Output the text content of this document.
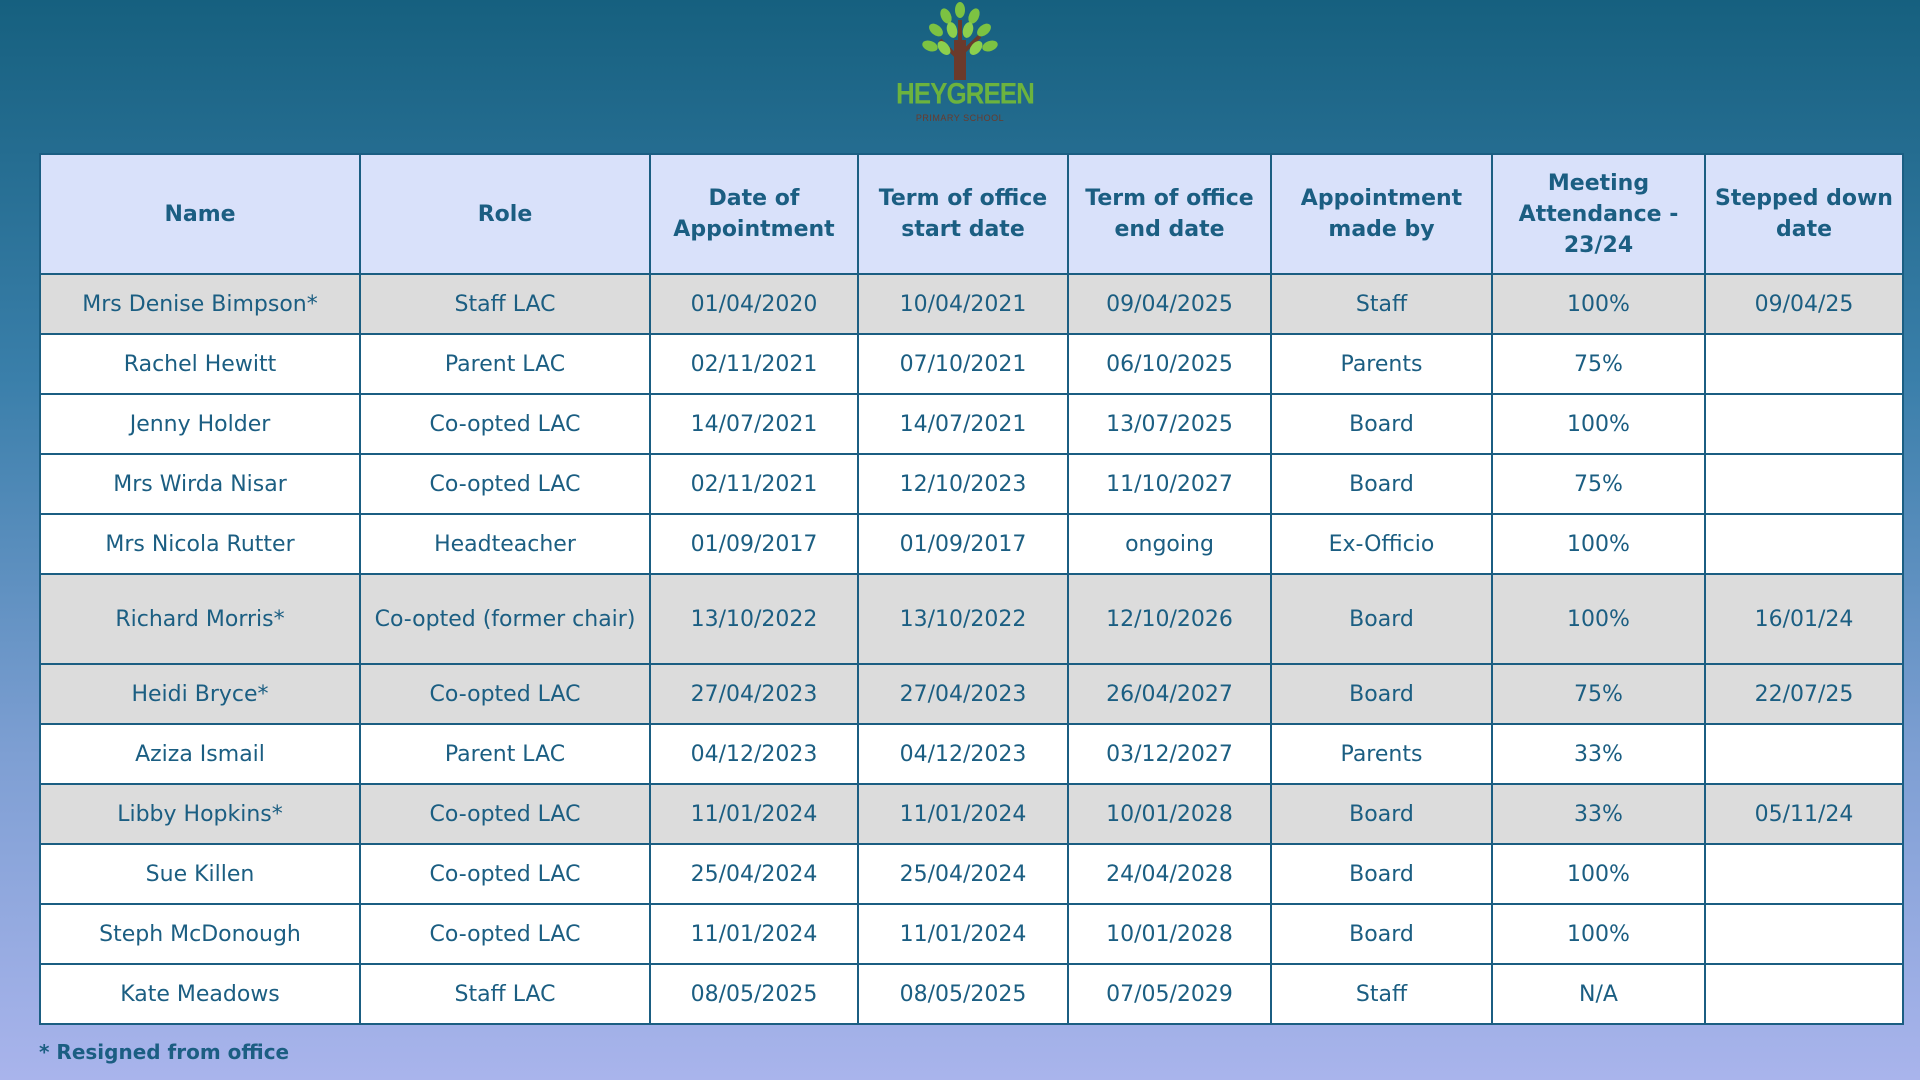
HEYGREEN
PRIMARY SCHOOL
Name	Role	Date of Appointment	Term of office start date	Term of office end date	Appointment made by	Meeting Attendance - 23/24	Stepped down date
Mrs Denise Bimpson*	Staff LAC	01/04/2020	10/04/2021	09/04/2025	Staff	100%	09/04/25
Rachel Hewitt	Parent LAC	02/11/2021	07/10/2021	06/10/2025	Parents	75%	
Jenny Holder	Co-opted LAC	14/07/2021	14/07/2021	13/07/2025	Board	100%	
Mrs Wirda Nisar	Co-opted LAC	02/11/2021	12/10/2023	11/10/2027	Board	75%	
Mrs Nicola Rutter	Headteacher	01/09/2017	01/09/2017	ongoing	Ex-Officio	100%	
Richard Morris*	Co-opted (former chair)	13/10/2022	13/10/2022	12/10/2026	Board	100%	16/01/24
Heidi Bryce*	Co-opted LAC	27/04/2023	27/04/2023	26/04/2027	Board	75%	22/07/25
Aziza Ismail	Parent LAC	04/12/2023	04/12/2023	03/12/2027	Parents	33%	
Libby Hopkins*	Co-opted LAC	11/01/2024	11/01/2024	10/01/2028	Board	33%	05/11/24
Sue Killen	Co-opted LAC	25/04/2024	25/04/2024	24/04/2028	Board	100%	
Steph McDonough	Co-opted LAC	11/01/2024	11/01/2024	10/01/2028	Board	100%	
Kate Meadows	Staff LAC	08/05/2025	08/05/2025	07/05/2029	Staff	N/A	
* Resigned from office
